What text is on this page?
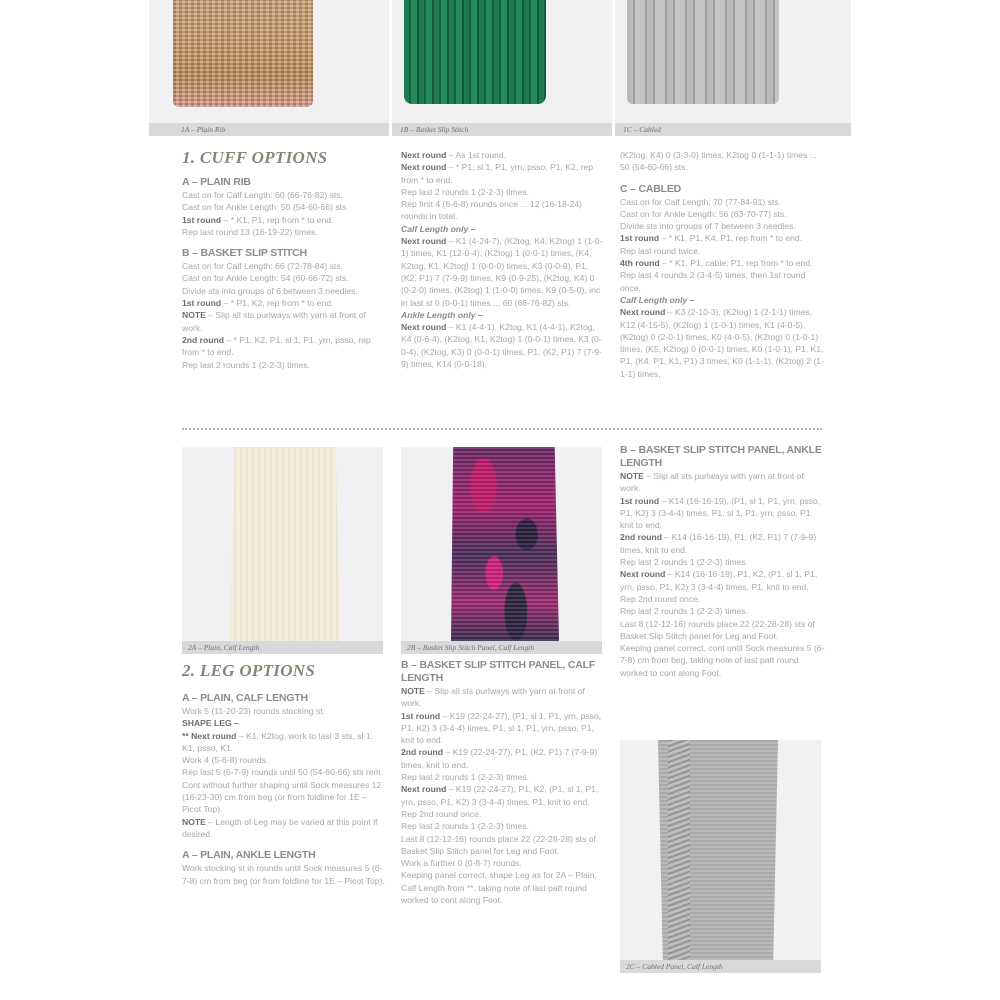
1A – Plain Rib	1B – Basket Slip Stitch	1C – Cabled
1. CUFF OPTIONS

A – PLAIN RIB

Cast on for Calf Length: 60 (66-76-82) sts.

Cast on for Ankle Length: 50 (54-60-66) sts.

1st round – * K1, P1, rep from * to end.

Rep last round 13 (16-19-22) times.

B – BASKET SLIP STITCH

Cast on for Calf Length: 66 (72-78-84) sts.

Cast on for Ankle Length: 54 (60-66-72) sts.

Divide sts into groups of 6 between 3 needles.

1st round – * P1, K2, rep from * to end.

NOTE – Slip all sts purlways with yarn at front of work.

2nd round – * P1, K2, P1, sl 1, P1, yrn, psso, rep from * to end.

Rep last 2 rounds 1 (2-2-3) times.

Next round – As 1st round.

Next round – * P1, sl 1, P1, yrn, psso, P1, K2, rep from * to end.

Rep last 2 rounds 1 (2-2-3) times.

Rep first 4 (6-6-8) rounds once ... 12 (16-18-24) rounds in total.

Calf Length only –

Next round – K1 (4-24-7), (K2tog, K4, K2tog) 1 (1-0-1) times, K1 (12-0-4), (K2tog) 1 (0-0-1) times, (K4, K2tog, K1, K2tog) 1 (0-0-0) times, K3 (0-0-9), P1, (K2, P1) 7 (7-9-9) times, K9 (0-9-25), (K2tog, K4) 0 (0-2-0) times, (K2tog) 1 (1-0-0) times, K9 (0-5-0), inc in last st 0 (0-0-1) times ... 60 (66-76-82) sts.

Ankle Length only –

Next round – K1 (4-4-1), K2tog, K1 (4-4-1), K2tog, K4 (0-6-4), (K2tog, K1, K2tog) 1 (0-0-1) times, K3 (0-0-4), (K2tog, K3) 0 (0-0-1) times, P1, (K2, P1) 7 (7-9-9) times, K14 (0-0-18),

(K2tog, K4) 0 (3-3-0) times, K2tog 0 (1-1-1) times ... 50 (54-60-66) sts.

C – CABLED

Cast on for Calf Length: 70 (77-84-91) sts.

Cast on for Ankle Length: 56 (63-70-77) sts.

Divide sts into groups of 7 between 3 needles.

1st round – * K1, P1, K4, P1, rep from * to end.

Rep last round twice.

4th round – * K1, P1, cable, P1, rep from * to end.

Rep last 4 rounds 2 (3-4-5) times, then 1st round once.

Calf Length only –

Next round – K3 (2-10-3), (K2tog) 1 (2-1-1) times, K12 (4-15-5), (K2tog) 1 (1-0-1) times, K1 (4-0-5), (K2tog) 0 (2-0-1) times, K0 (4-0-5), (K2tog) 0 (1-0-1) times, (K5, K2tog) 0 (0-0-1) times, K0 (1-0-1), P1, K1, P1, (K4, P1, K1, P1) 3 times, K0 (1-1-1), (K2tog) 2 (1-1-1) times,

2A – Plain, Calf Length	2B – Basket Slip Stitch Panel, Calf Length
2. LEG OPTIONS

A – PLAIN, CALF LENGTH

Work 5 (11-20-23) rounds stocking st.

SHAPE LEG –

** Next round – K1, K2tog, work to last 3 sts, sl 1, K1, psso, K1.

Work 4 (5-6-8) rounds.

Rep last 5 (6-7-9) rounds until 50 (54-60-66) sts rem.

Cont without further shaping until Sock measures 12 (16-23-30) cm from beg (or from foldline for 1E – Picot Top).

NOTE – Length of Leg may be varied at this point if desired.

A – PLAIN, ANKLE LENGTH

Work stocking st in rounds until Sock measures 5 (6-7-8) cm from beg (or from foldline for 1E – Picot Top).

B – BASKET SLIP STITCH PANEL, CALF LENGTH

NOTE – Slip all sts purlways with yarn at front of work.

1st round – K19 (22-24-27), (P1, sl 1, P1, yrn, psso, P1, K2) 3 (3-4-4) times, P1, sl 1, P1, yrn, psso, P1, knit to end.

2nd round – K19 (22-24-27), P1, (K2, P1) 7 (7-9-9) times, knit to end.

Rep last 2 rounds 1 (2-2-3) times.

Next round – K19 (22-24-27), P1, K2, (P1, sl 1, P1, yrn, psso, P1, K2) 3 (3-4-4) times, P1, knit to end.

Rep 2nd round once.

Rep last 2 rounds 1 (2-2-3) times.

Last 8 (12-12-16) rounds place 22 (22-28-28) sts of Basket Slip Stitch panel for Leg and Foot.

Work a further 0 (0-8-7) rounds.

Keeping panel correct, shape Leg as for 2A – Plain, Calf Length from **, taking note of last patt round worked to cont along Foot.

B – BASKET SLIP STITCH PANEL, ANKLE LENGTH

NOTE – Slip all sts purlways with yarn at front of work.

1st round – K14 (16-16-19), (P1, sl 1, P1, yrn, psso, P1, K2) 3 (3-4-4) times, P1, sl 1, P1, yrn, psso, P1, knit to end.

2nd round – K14 (16-16-19), P1, (K2, P1) 7 (7-9-9) times, knit to end.

Rep last 2 rounds 1 (2-2-3) times.

Next round – K14 (16-16-19), P1, K2, (P1, sl 1, P1, yrn, psso, P1, K2) 3 (3-4-4) times, P1, knit to end.

Rep 2nd round once.

Rep last 2 rounds 1 (2-2-3) times.

Last 8 (12-12-16) rounds place 22 (22-28-28) sts of Basket Slip Stitch panel for Leg and Foot.

Keeping panel correct, cont until Sock measures 5 (6-7-8) cm from beg, taking note of last patt round worked to cont along Foot.

2C – Cabled Panel, Calf Length
